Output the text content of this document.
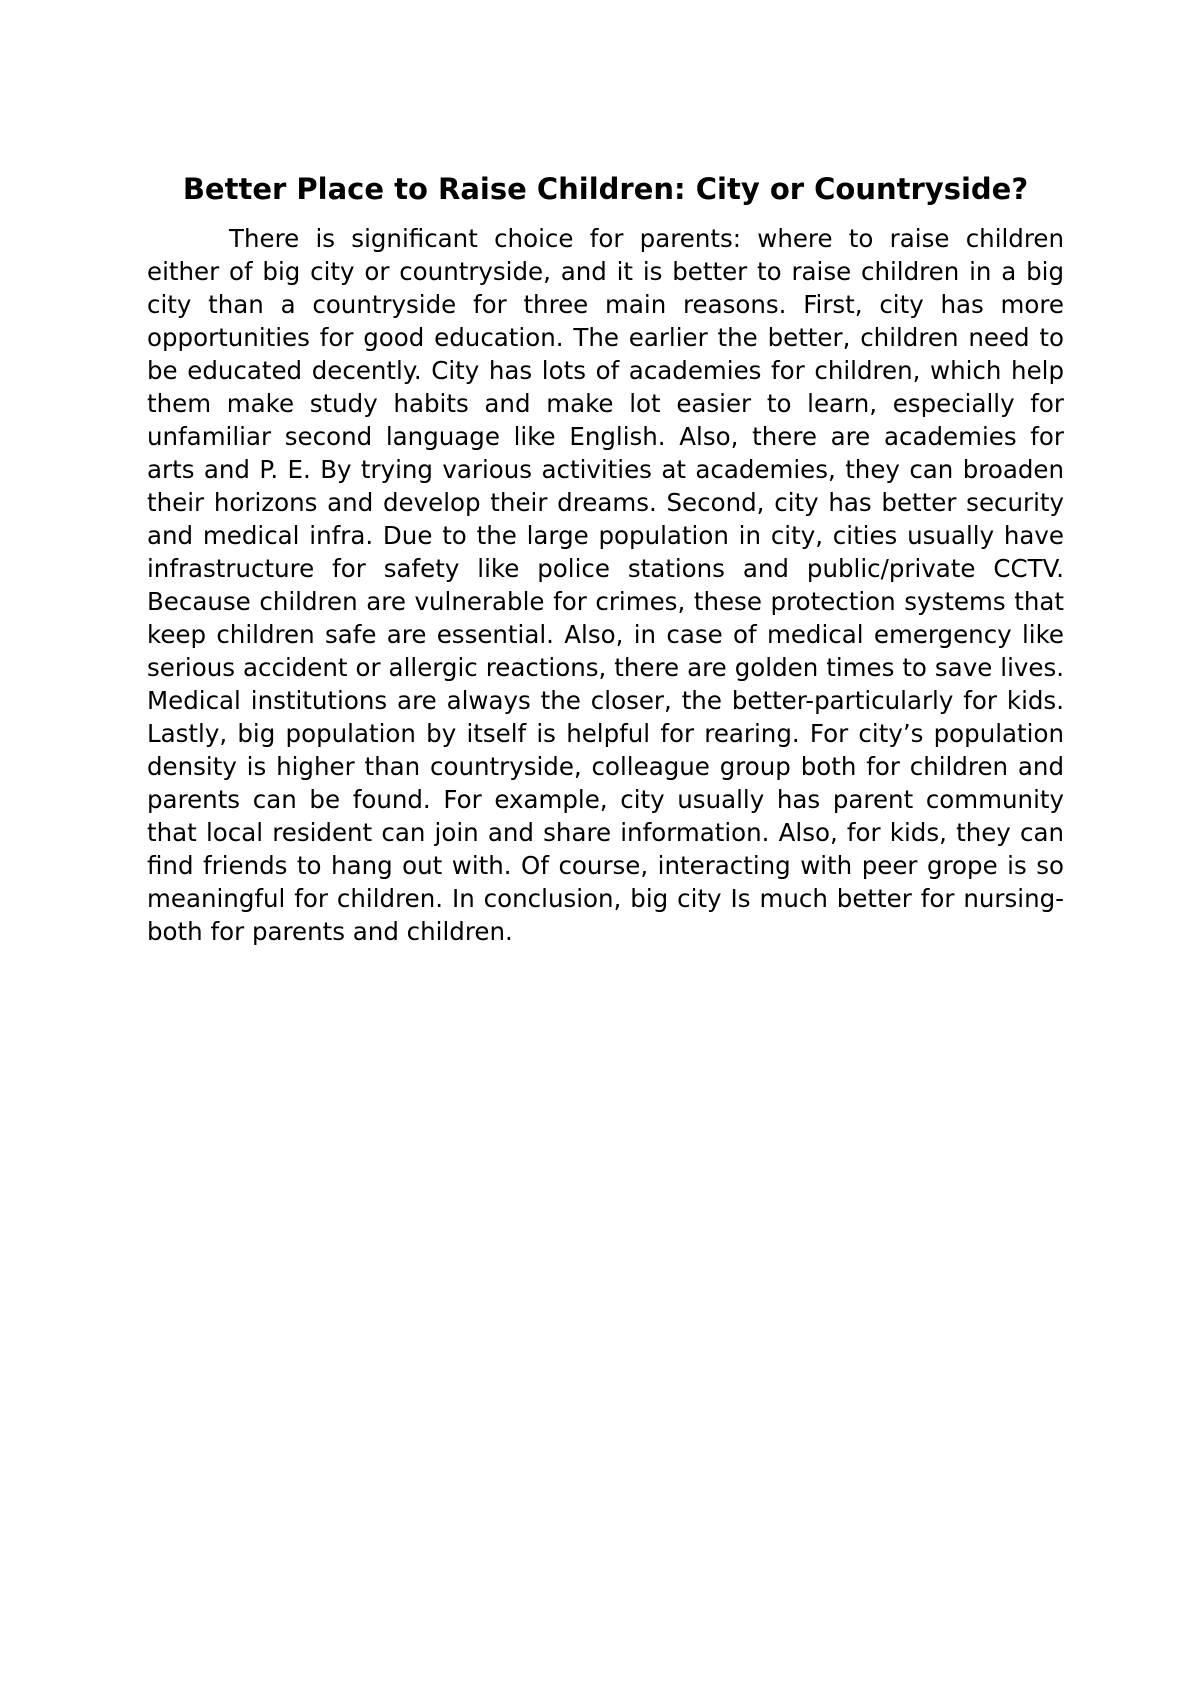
Better Place to Raise Children: City or Countryside?

There is significant choice for parents: where to raise children either of big city or countryside, and it is better to raise children in a big city than a countryside for three main reasons. First, city has more opportunities for good education. The earlier the better, children need to be educated decently. City has lots of academies for children, which help them make study habits and make lot easier to learn, especially for unfamiliar second language like English. Also, there are academies for arts and P. E. By trying various activities at academies, they can broaden their horizons and develop their dreams. Second, city has better security and medical infra. Due to the large population in city, cities usually have infrastructure for safety like police stations and public/private CCTV. Because children are vulnerable for crimes, these protection systems that keep children safe are essential. Also, in case of medical emergency like serious accident or allergic reactions, there are golden times to save lives. Medical institutions are always the closer, the better-particularly for kids. Lastly, big population by itself is helpful for rearing. For city’s population density is higher than countryside, colleague group both for children and parents can be found. For example, city usually has parent community that local resident can join and share information. Also, for kids, they can find friends to hang out with. Of course, interacting with peer grope is so meaningful for children. In conclusion, big city Is much better for nursing-both for parents and children.
